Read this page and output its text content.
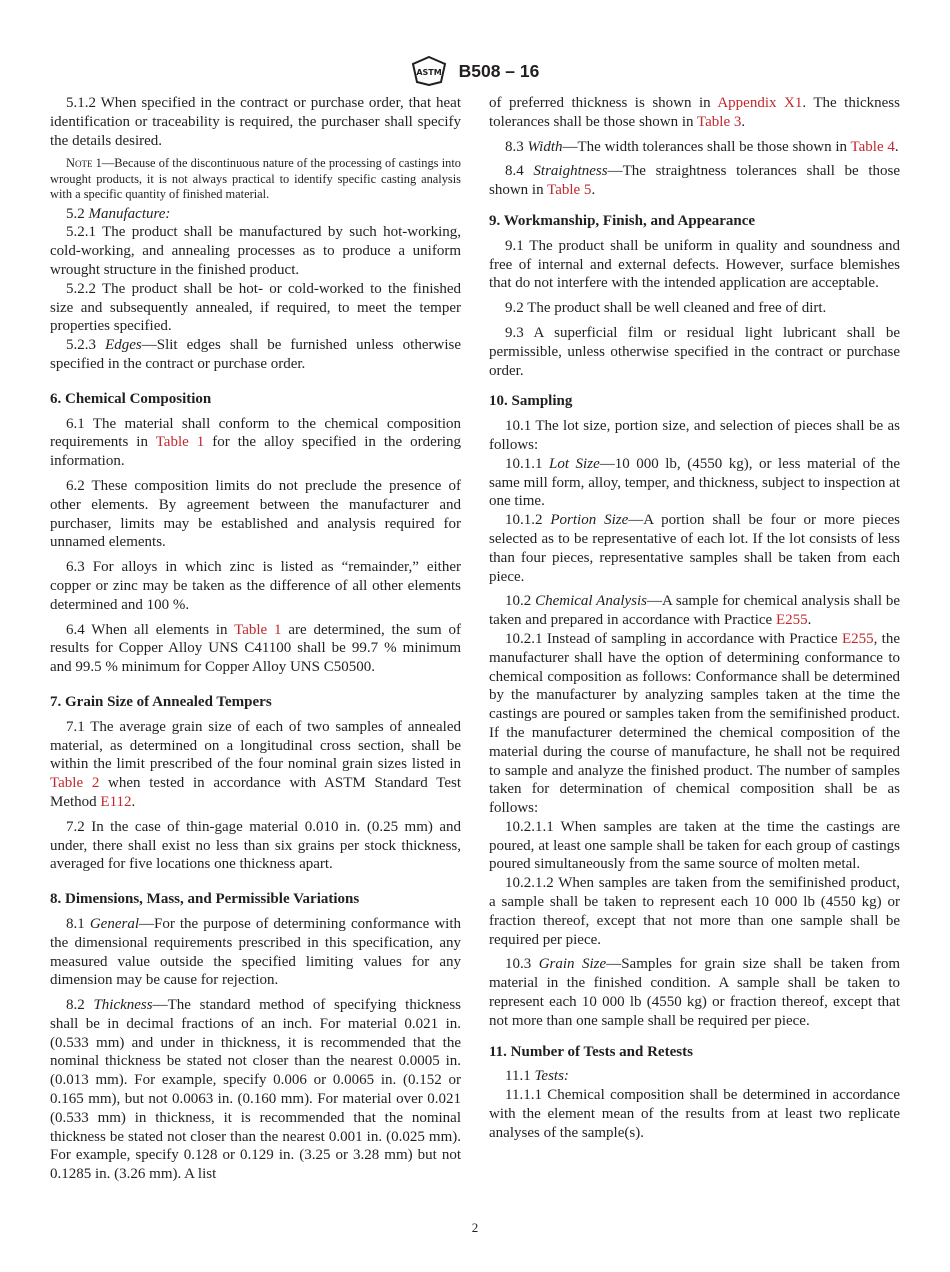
ASTM B508 – 16

5.1.2 When specified in the contract or purchase order, that heat identification or traceability is required, the purchaser shall specify the details desired.

Note 1—Because of the discontinuous nature of the processing of castings into wrought products, it is not always practical to identify specific casting analysis with a specific quantity of finished material.

5.2 Manufacture:

5.2.1 The product shall be manufactured by such hot-working, cold-working, and annealing processes as to produce a uniform wrought structure in the finished product.

5.2.2 The product shall be hot- or cold-worked to the finished size and subsequently annealed, if required, to meet the temper properties specified.

5.2.3 Edges—Slit edges shall be furnished unless otherwise specified in the contract or purchase order.

6. Chemical Composition

6.1 The material shall conform to the chemical composition requirements in Table 1 for the alloy specified in the ordering information.

6.2 These composition limits do not preclude the presence of other elements. By agreement between the manufacturer and purchaser, limits may be established and analysis required for unnamed elements.

6.3 For alloys in which zinc is listed as “remainder,” either copper or zinc may be taken as the difference of all other elements determined and 100 %.

6.4 When all elements in Table 1 are determined, the sum of results for Copper Alloy UNS C41100 shall be 99.7 % minimum and 99.5 % minimum for Copper Alloy UNS C50500.

7. Grain Size of Annealed Tempers

7.1 The average grain size of each of two samples of annealed material, as determined on a longitudinal cross section, shall be within the limit prescribed of the four nominal grain sizes listed in Table 2 when tested in accordance with ASTM Standard Test Method E112.

7.2 In the case of thin-gage material 0.010 in. (0.25 mm) and under, there shall exist no less than six grains per stock thickness, averaged for five locations one thickness apart.

8. Dimensions, Mass, and Permissible Variations

8.1 General—For the purpose of determining conformance with the dimensional requirements prescribed in this specification, any measured value outside the specified limiting values for any dimension may be cause for rejection.

8.2 Thickness—The standard method of specifying thickness shall be in decimal fractions of an inch. For material 0.021 in. (0.533 mm) and under in thickness, it is recommended that the nominal thickness be stated not closer than the nearest 0.0005 in. (0.013 mm). For example, specify 0.006 or 0.0065 in. (0.152 or 0.165 mm), but not 0.0063 in. (0.160 mm). For material over 0.021 (0.533 mm) in thickness, it is recommended that the nominal thickness be stated not closer than the nearest 0.001 in. (0.025 mm). For example, specify 0.128 or 0.129 in. (3.25 or 3.28 mm) but not 0.1285 in. (3.26 mm). A list

of preferred thickness is shown in Appendix X1. The thickness tolerances shall be those shown in Table 3.

8.3 Width—The width tolerances shall be those shown in Table 4.

8.4 Straightness—The straightness tolerances shall be those shown in Table 5.

9. Workmanship, Finish, and Appearance

9.1 The product shall be uniform in quality and soundness and free of internal and external defects. However, surface blemishes that do not interfere with the intended application are acceptable.

9.2 The product shall be well cleaned and free of dirt.

9.3 A superficial film or residual light lubricant shall be permissible, unless otherwise specified in the contract or purchase order.

10. Sampling

10.1 The lot size, portion size, and selection of pieces shall be as follows:

10.1.1 Lot Size—10 000 lb, (4550 kg), or less material of the same mill form, alloy, temper, and thickness, subject to inspection at one time.

10.1.2 Portion Size—A portion shall be four or more pieces selected as to be representative of each lot. If the lot consists of less than four pieces, representative samples shall be taken from each piece.

10.2 Chemical Analysis—A sample for chemical analysis shall be taken and prepared in accordance with Practice E255.

10.2.1 Instead of sampling in accordance with Practice E255, the manufacturer shall have the option of determining conformance to chemical composition as follows: Conformance shall be determined by the manufacturer by analyzing samples taken at the time the castings are poured or samples taken from the semifinished product. If the manufacturer determined the chemical composition of the material during the course of manufacture, he shall not be required to sample and analyze the finished product. The number of samples taken for determination of chemical composition shall be as follows:

10.2.1.1 When samples are taken at the time the castings are poured, at least one sample shall be taken for each group of castings poured simultaneously from the same source of molten metal.

10.2.1.2 When samples are taken from the semifinished product, a sample shall be taken to represent each 10 000 lb (4550 kg) or fraction thereof, except that not more than one sample shall be required per piece.

10.3 Grain Size—Samples for grain size shall be taken from material in the finished condition. A sample shall be taken to represent each 10 000 lb (4550 kg) or fraction thereof, except that not more than one sample shall be required per piece.

11. Number of Tests and Retests

11.1 Tests:

11.1.1 Chemical composition shall be determined in accordance with the element mean of the results from at least two replicate analyses of the sample(s).

2
